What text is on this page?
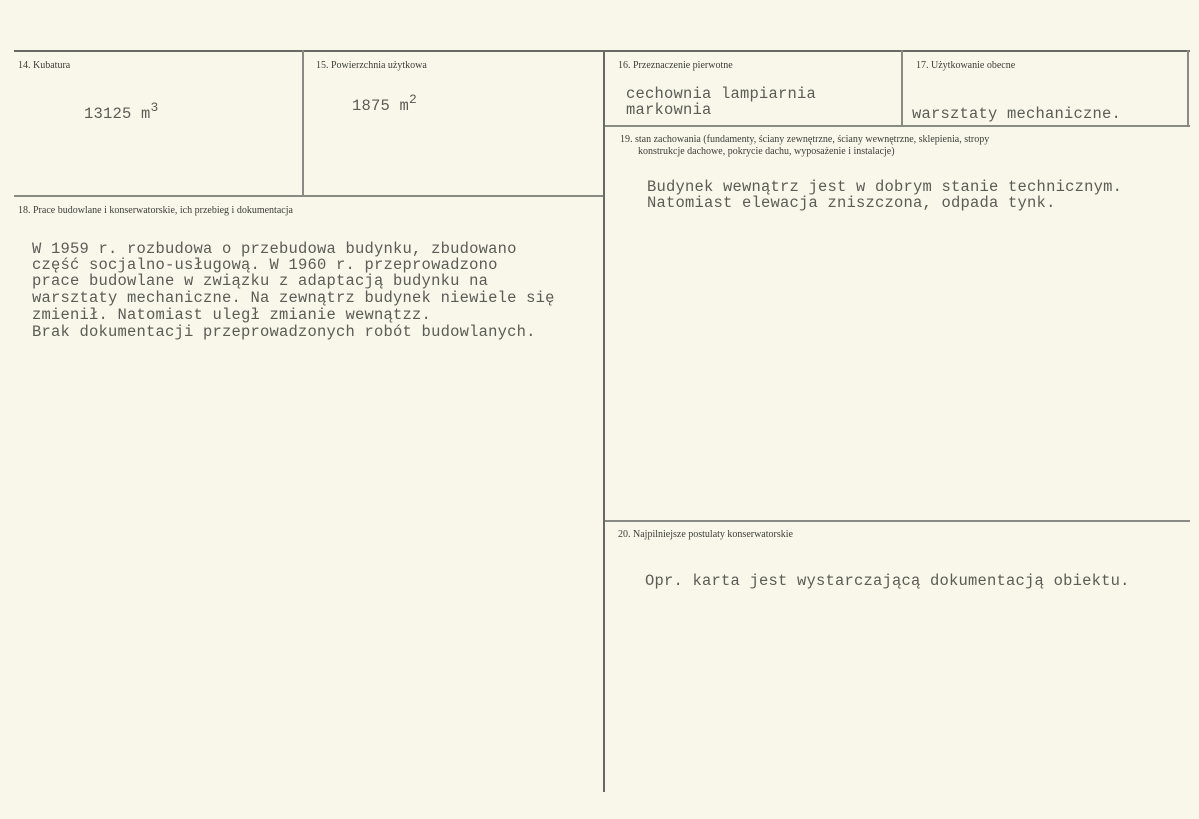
14. Kubatura
13125 $m^3$
15. Powierzchnia użytkowa
1875 $m^2$
16. Przeznaczenie pierwotne
cechownia lampiarnia
markownia
17. Użytkowanie obecne
warsztaty mechaniczne.
18. Prace budowlane i konserwatorskie, ich przebieg i dokumentacja
W 1959 r. rozbudowa o przebudowa budynku, zbudowano
część socjalno-usługową. W 1960 r. przeprowadzono
prace budowlane w związku z adaptacją budynku na
warsztaty mechaniczne. Na zewnątrz budynek niewiele się
zmienił. Natomiast uległ zmianie wewnątzz.
Brak dokumentacji przeprowadzonych robót budowlanych.
19. stan zachowania (fundamenty, ściany zewnętrzne, ściany wewnętrzne, sklepienia, stropy
konstrukcje dachowe, pokrycie dachu, wyposażenie i instalacje)
Budynek wewnątrz jest w dobrym stanie technicznym.
Natomiast elewacja zniszczona, odpada tynk.
20. Najpilniejsze postulaty konserwatorskie
Opr. karta jest wystarczającą dokumentacją obiektu.
